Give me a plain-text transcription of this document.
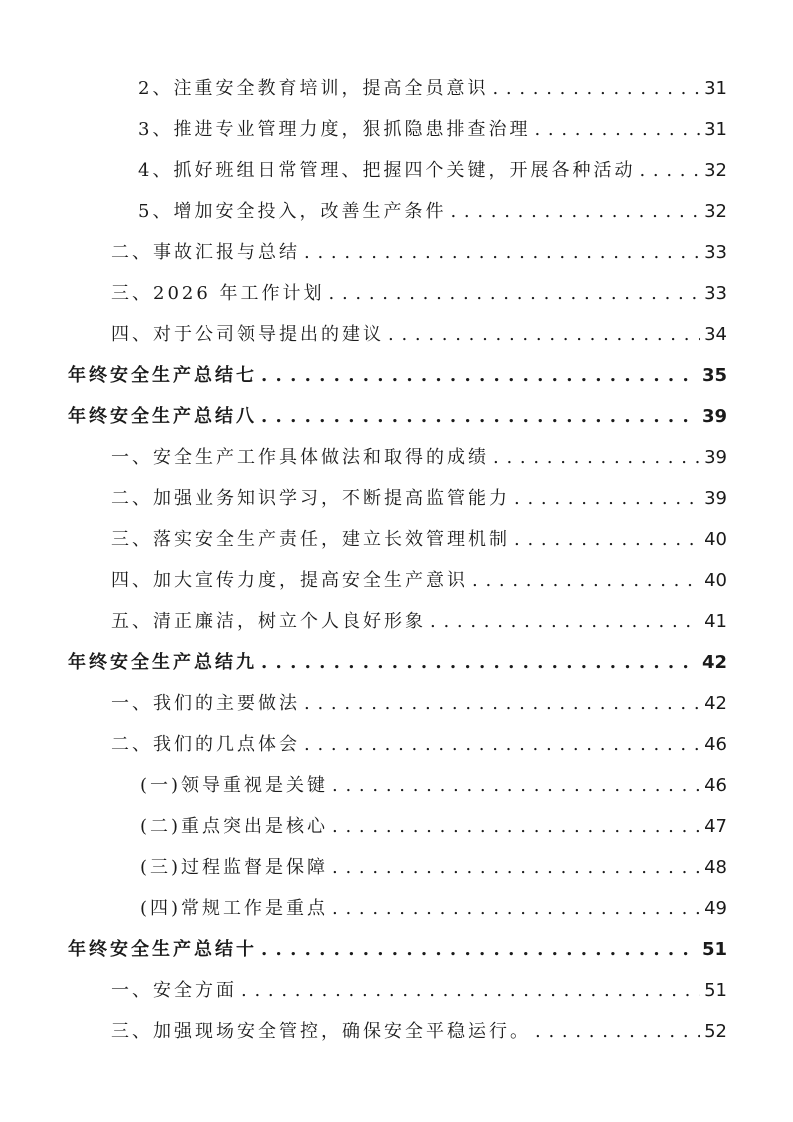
2、注重安全教育培训，提高全员意识 . . .	31
3、推进专业管理力度，狠抓隐患排查治理 . . .	31
4、抓好班组日常管理、把握四个关键，开展各种活动 . . .	32
5、增加安全投入，改善生产条件 . . .	32
二、事故汇报与总结 . . .	33
三、2026 年工作计划 . . .	33
四、对于公司领导提出的建议 . . .	34
年终安全生产总结七 . . .	35
年终安全生产总结八 . . .	39
一、安全生产工作具体做法和取得的成绩 . . .	39
二、加强业务知识学习，不断提高监管能力 . . .	39
三、落实安全生产责任，建立长效管理机制 . . .	40
四、加大宣传力度，提高安全生产意识 . . .	40
五、清正廉洁，树立个人良好形象 . . .	41
年终安全生产总结九 . . .	42
一、我们的主要做法 . . .	42
二、我们的几点体会 . . .	46
(一)领导重视是关键 . . .	46
(二)重点突出是核心 . . .	47
(三)过程监督是保障 . . .	48
(四)常规工作是重点 . . .	49
年终安全生产总结十 . . .	51
一、安全方面 . . .	51
三、加强现场安全管控，确保安全平稳运行。 . . .	52
